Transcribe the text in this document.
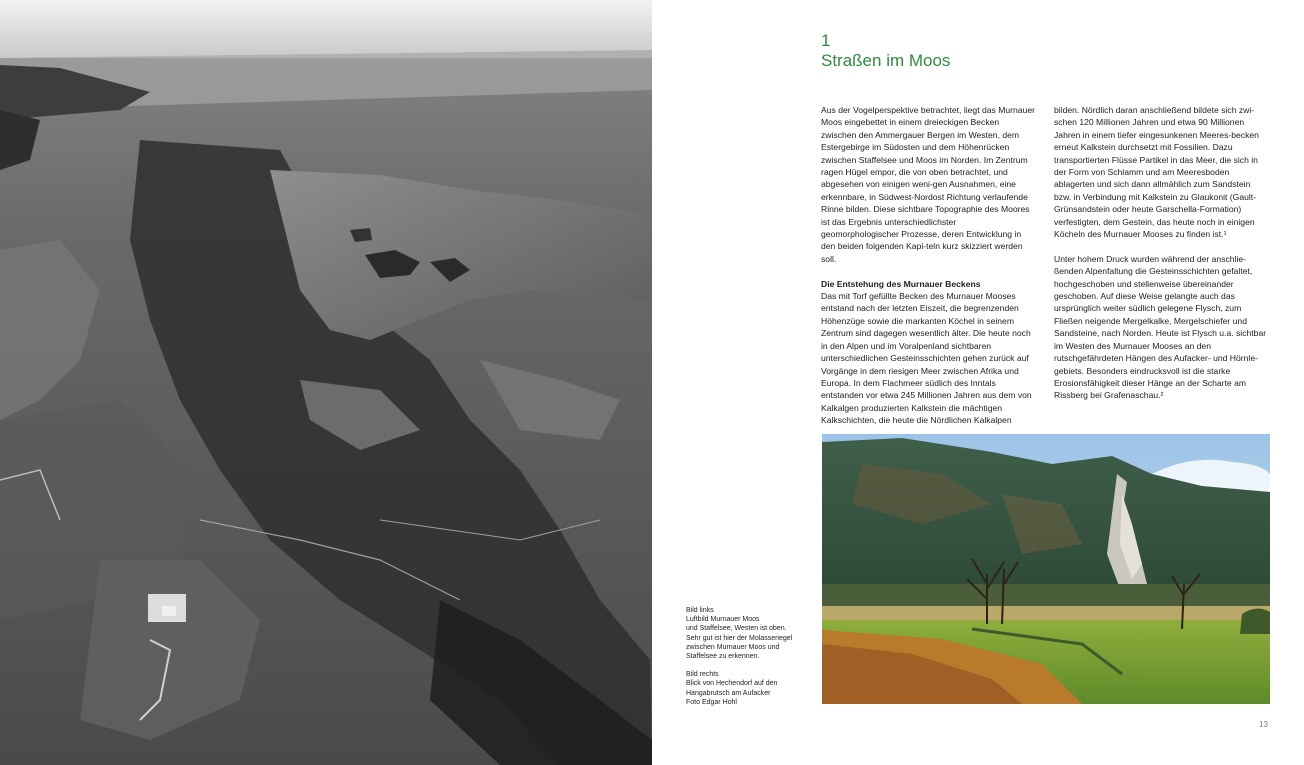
1
Straßen im Moos

Aus der Vogelperspektive betrachtet, liegt das Murnauer Moos eingebettet in einem dreieckigen Becken zwischen den Ammergauer Bergen im Westen, dem Estergebirge im Südosten und dem Höhenrücken zwischen Staffelsee und Moos im Norden. Im Zentrum ragen Hügel empor, die von oben betrachtet, und abgesehen von einigen weni-gen Ausnahmen, eine erkennbare, in Südwest-Nordost Richtung verlaufende Rinne bilden. Diese sichtbare Topographie des Moores ist das Ergebnis unterschiedlichster geomorphologischer Prozesse, deren Entwicklung in den beiden folgenden Kapi-teln kurz skizziert werden soll.

Die Entstehung des Murnauer Beckens

Das mit Torf gefüllte Becken des Murnauer Mooses entstand nach der letzten Eiszeit, die begrenzenden Höhenzüge sowie die markanten Köchel in seinem Zentrum sind dagegen wesentlich älter. Die heute noch in den Alpen und im Voralpenland sichtbaren unterschiedlichen Gesteinsschichten gehen zurück auf Vorgänge in dem riesigen Meer zwischen Afrika und Europa. In dem Flachmeer südlich des Inntals entstanden vor etwa 245 Millionen Jahren aus dem von Kalkalgen produzierten Kalkstein die mächtigen Kalkschichten, die heute die Nördlichen Kalkalpen

bilden. Nördlich daran anschließend bildete sich zwi-schen 120 Millionen Jahren und etwa 90 Millionen Jahren in einem tiefer eingesunkenen Meeres-becken erneut Kalkstein durchsetzt mit Fossilien. Dazu transportierten Flüsse Partikel in das Meer, die sich in der Form von Schlamm und am Meeresboden ablagerten und sich dann allmählich zum Sandstein bzw. in Verbindung mit Kalkstein zu Glaukonit (Gault-Grünsandstein oder heute Garschella-Formation) verfestigten, dem Gestein, das heute noch in einigen Köcheln des Murnauer Mooses zu finden ist.¹

Unter hohem Druck wurden während der anschlie-ßenden Alpenfaltung die Gesteinsschichten gefaltet, hochgeschoben und stellenweise übereinander geschoben. Auf diese Weise gelangte auch das ursprünglich weiter südlich gelegene Flysch, zum Fließen neigende Mergelkalke, Mergelschiefer und Sandsteine, nach Norden. Heute ist Flysch u.a. sichtbar im Westen des Murnauer Mooses an den rutschgefährdeten Hängen des Aufacker- und Hörnle-gebiets. Besonders eindrucksvoll ist die starke Erosionsfähigkeit dieser Hänge an der Scharte am Rissberg bei Grafenaschau.²

Bild links
Luftbild Murnauer Moos
und Staffelsee, Westen ist oben.
Sehr gut ist hier der Molasseriegel
zwischen Murnauer Moos und
Staffelsee zu erkennen.
Bild rechts
Blick von Hechendorf auf den
Hangabrutsch am Aufacker
Foto Edgar Hohl
13
